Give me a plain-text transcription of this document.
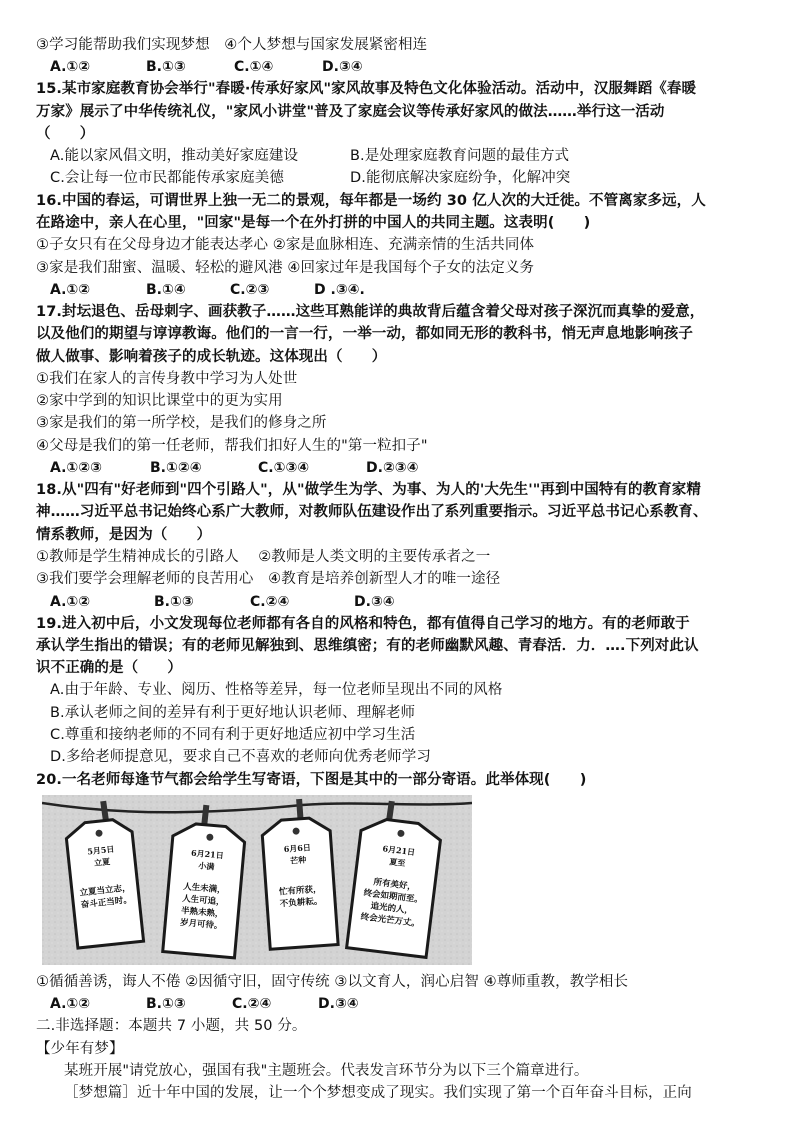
③学习能帮助我们实现梦想　④个人梦想与国家发展紧密相连
A.①②	B.①③	C.①④	D.③④
15.某市家庭教育协会举行"春暖·传承好家风"家风故事及特色文化体验活动。活动中，汉服舞蹈《春暖
万家》展示了中华传统礼仪，"家风小讲堂"普及了家庭会议等传承好家风的做法……举行这一活动
（　　）
A.能以家风倡文明，推动美好家庭建设	B.是处理家庭教育问题的最佳方式
C.会让每一位市民都能传承家庭美德	D.能彻底解决家庭纷争，化解冲突
16.中国的春运，可谓世界上独一无二的景观，每年都是一场约 30 亿人次的大迁徙。不管离家多远，人
在路途中，亲人在心里，"回家"是每一个在外打拼的中国人的共同主题。这表明(　　)
①子女只有在父母身边才能表达孝心 ②家是血脉相连、充满亲情的生活共同体
③家是我们甜蜜、温暖、轻松的避风港 ④回家过年是我国每个子女的法定义务
A.①②	B.①④	C.②③	D .③④.
17.封坛退色、岳母刺字、画获教子……这些耳熟能详的典故背后蕴含着父母对孩子深沉而真挚的爱意，
以及他们的期望与谆谆教诲。他们的一言一行，一举一动，都如同无形的教科书，悄无声息地影响孩子
做人做事、影响着孩子的成长轨迹。这体现出（　　）
①我们在家人的言传身教中学习为人处世
②家中学到的知识比课堂中的更为实用
③家是我们的第一所学校，是我们的修身之所
④父母是我们的第一任老师，帮我们扣好人生的"第一粒扣子"
A.①②③	B.①②④	C.①③④	D.②③④
18.从"四有"好老师到"四个引路人"，从"做学生为学、为事、为人的'大先生'"再到中国特有的教育家精
神……习近平总书记始终心系广大教师，对教师队伍建设作出了系列重要指示。习近平总书记心系教育、
情系教师，是因为（　　）
①教师是学生精神成长的引路人　 ②教师是人类文明的主要传承者之一
③我们要学会理解老师的良苦用心　④教育是培养创新型人才的唯一途径
A.①②	B.①③	C.②④	D.③④
19.进入初中后，小文发现每位老师都有各自的风格和特色，都有值得自己学习的地方。有的老师敢于
承认学生指出的错误；有的老师见解独到、思维缜密；有的老师幽默风趣、青春活．力．….下列对此认
识不正确的是（　　）
A.由于年龄、专业、阅历、性格等差异，每一位老师呈现出不同的风格
B.承认老师之间的差异有利于更好地认识老师、理解老师
C.尊重和接纳老师的不同有利于更好地适应初中学习生活
D.多给老师提意见，要求自己不喜欢的老师向优秀老师学习
20.一名老师每逢节气都会给学生写寄语，下图是其中的一部分寄语。此举体现(　　)
5月5日
立夏
立夏当立志，
奋斗正当时。
6月21日
小满
人生未满，
人生可追，
半熟未熟，
岁月可待。
6月6日
芒种
忙有所获，
不负耕耘。
6月21日
夏至
所有美好，
终会如期而至。
追光的人，
终会光芒万丈。
①循循善诱，诲人不倦 ②因循守旧，固守传统 ③以文育人，润心启智 ④尊师重教，教学相长
A.①②	B.①③	C.②④	D.③④
二.非选择题：本题共 7 小题，共 50 分。
【少年有梦】
某班开展"请党放心，强国有我"主题班会。代表发言环节分为以下三个篇章进行。
［梦想篇］近十年中国的发展，让一个个梦想变成了现实。我们实现了第一个百年奋斗目标，正向
